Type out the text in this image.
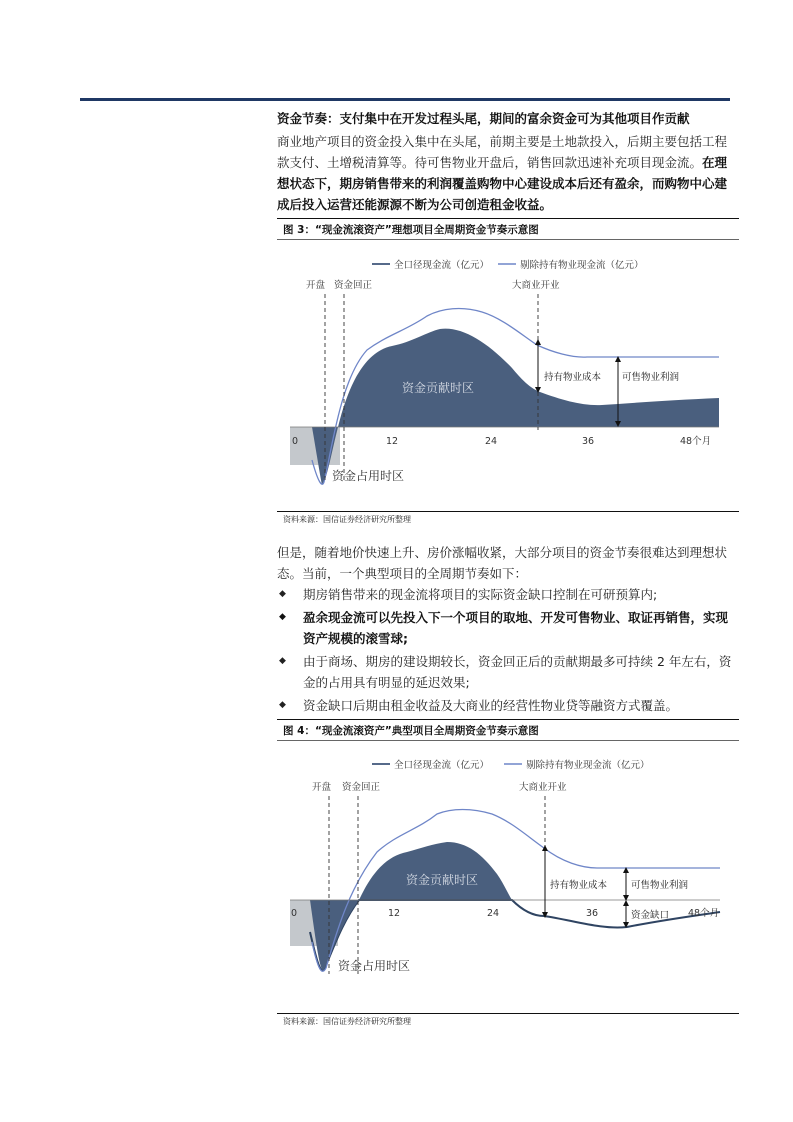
资金节奏：支付集中在开发过程头尾，期间的富余资金可为其他项目作贡献
商业地产项目的资金投入集中在头尾，前期主要是土地款投入，后期主要包括工程款支付、土增税清算等。待可售物业开盘后，销售回款迅速补充项目现金流。在理想状态下，期房销售带来的利润覆盖购物中心建设成本后还有盈余，而购物中心建成后投入运营还能源源不断为公司创造租金收益。
图 3：“现金流滚资产”理想项目全周期资金节奏示意图
全口径现金流（亿元）	剔除持有物业现金流（亿元）
开盘 资金回正	大商业开业
0	12	24	36	48个月
持有物业成本 可售物业利润
资金贡献时区
资金占用时区
资料来源：国信证券经济研究所整理
但是，随着地价快速上升、房价涨幅收紧，大部分项目的资金节奏很难达到理想状态。当前，一个典型项目的全周期节奏如下：
◆ 期房销售带来的现金流将项目的实际资金缺口控制在可研预算内;
◆ 盈余现金流可以先投入下一个项目的取地、开发可售物业、取证再销售，实现资产规模的滚雪球;
◆ 由于商场、期房的建设期较长，资金回正后的贡献期最多可持续 2 年左右，资金的占用具有明显的延迟效果;
◆ 资金缺口后期由租金收益及大商业的经营性物业贷等融资方式覆盖。
图 4：“现金流滚资产”典型项目全周期资金节奏示意图
全口径现金流（亿元）	剔除持有物业现金流（亿元）
开盘 资金回正	大商业开业
0	12	24	36	48个月
持有物业成本	可售物业利润
资金缺口
资金贡献时区
资金占用时区
资料来源：国信证券经济研究所整理
